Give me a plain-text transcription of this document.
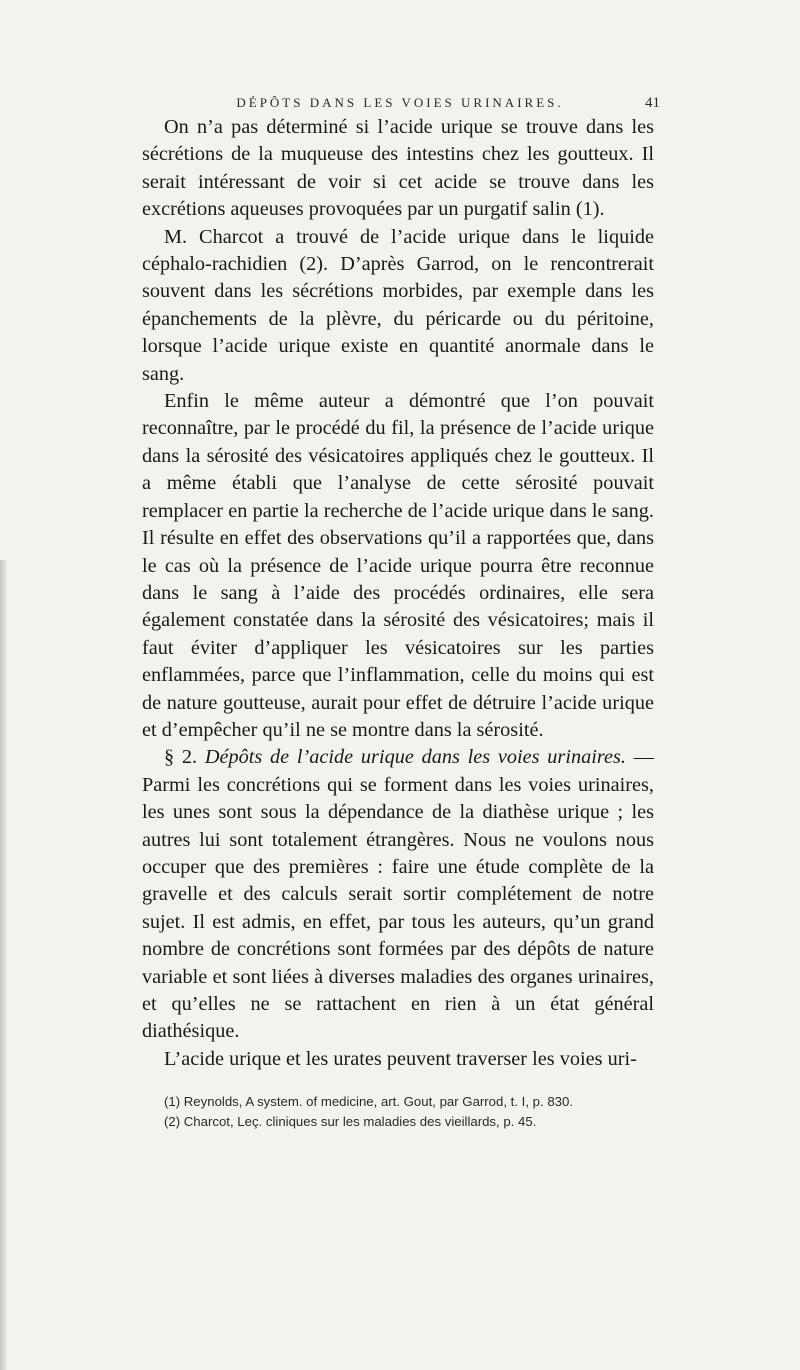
DÉPÔTS DANS LES VOIES URINAIRES.	41

On n’a pas déterminé si l’acide urique se trouve dans les sécrétions de la muqueuse des intestins chez les goutteux. Il serait intéressant de voir si cet acide se trouve dans les excrétions aqueuses provoquées par un purgatif salin (1).

M. Charcot a trouvé de l’acide urique dans le liquide céphalo-rachidien (2). D’après Garrod, on le rencontrerait souvent dans les sécrétions morbides, par exemple dans les épanchements de la plèvre, du péricarde ou du péritoine, lorsque l’acide urique existe en quantité anormale dans le sang.

Enfin le même auteur a démontré que l’on pouvait reconnaître, par le procédé du fil, la présence de l’acide urique dans la sérosité des vésicatoires appliqués chez le goutteux. Il a même établi que l’analyse de cette sérosité pouvait remplacer en partie la recherche de l’acide urique dans le sang. Il résulte en effet des observations qu’il a rapportées que, dans le cas où la présence de l’acide urique pourra être reconnue dans le sang à l’aide des procédés ordinaires, elle sera également constatée dans la sérosité des vésicatoires; mais il faut éviter d’appliquer les vésicatoires sur les parties enflammées, parce que l’inflammation, celle du moins qui est de nature goutteuse, aurait pour effet de détruire l’acide urique et d’empêcher qu’il ne se montre dans la sérosité.

§ 2. Dépôts de l’acide urique dans les voies urinaires. — Parmi les concrétions qui se forment dans les voies urinaires, les unes sont sous la dépendance de la diathèse urique ; les autres lui sont totalement étrangères. Nous ne voulons nous occuper que des premières : faire une étude complète de la gravelle et des calculs serait sortir complétement de notre sujet. Il est admis, en effet, par tous les auteurs, qu’un grand nombre de concrétions sont formées par des dépôts de nature variable et sont liées à diverses maladies des organes urinaires, et qu’elles ne se rattachent en rien à un état général diathésique.

L’acide urique et les urates peuvent traverser les voies uri-

(1) Reynolds, A system. of medicine, art. Gout, par Garrod, t. I, p. 830.
(2) Charcot, Leç. cliniques sur les maladies des vieillards, p. 45.
